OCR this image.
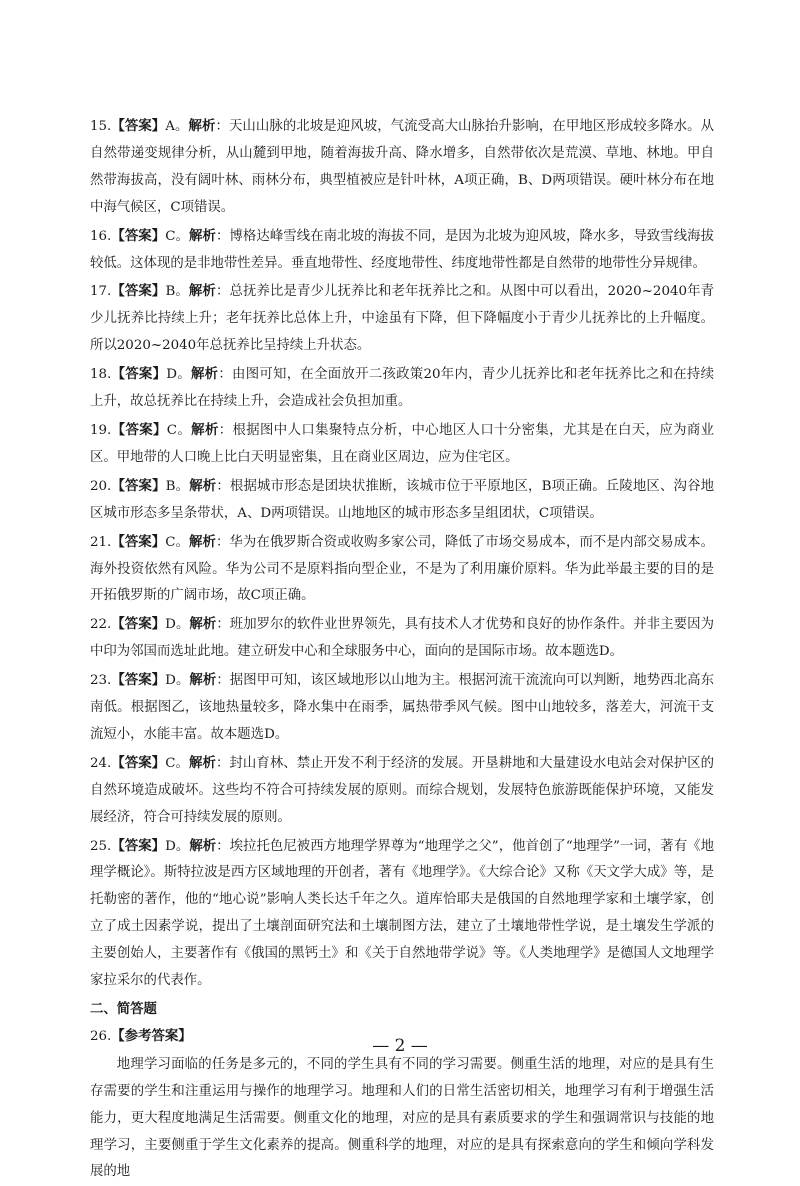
15.【答案】A。解析：天山山脉的北坡是迎风坡，气流受高大山脉抬升影响，在甲地区形成较多降水。从自然带递变规律分析，从山麓到甲地，随着海拔升高、降水增多，自然带依次是荒漠、草地、林地。甲自然带海拔高，没有阔叶林、雨林分布，典型植被应是针叶林，A项正确，B、D两项错误。硬叶林分布在地中海气候区，C项错误。

16.【答案】C。解析：博格达峰雪线在南北坡的海拔不同，是因为北坡为迎风坡，降水多，导致雪线海拔较低。这体现的是非地带性差异。垂直地带性、经度地带性、纬度地带性都是自然带的地带性分异规律。

17.【答案】B。解析：总抚养比是青少儿抚养比和老年抚养比之和。从图中可以看出，2020~2040年青少儿抚养比持续上升；老年抚养比总体上升，中途虽有下降，但下降幅度小于青少儿抚养比的上升幅度。所以2020~2040年总抚养比呈持续上升状态。

18.【答案】D。解析：由图可知，在全面放开二孩政策20年内，青少儿抚养比和老年抚养比之和在持续上升，故总抚养比在持续上升，会造成社会负担加重。

19.【答案】C。解析：根据图中人口集聚特点分析，中心地区人口十分密集，尤其是在白天，应为商业区。甲地带的人口晚上比白天明显密集，且在商业区周边，应为住宅区。

20.【答案】B。解析：根据城市形态是团块状推断，该城市位于平原地区，B项正确。丘陵地区、沟谷地区城市形态多呈条带状，A、D两项错误。山地地区的城市形态多呈组团状，C项错误。

21.【答案】C。解析：华为在俄罗斯合资或收购多家公司，降低了市场交易成本，而不是内部交易成本。海外投资依然有风险。华为公司不是原料指向型企业，不是为了利用廉价原料。华为此举最主要的目的是开拓俄罗斯的广阔市场，故C项正确。

22.【答案】D。解析：班加罗尔的软件业世界领先，具有技术人才优势和良好的协作条件。并非主要因为中印为邻国而选址此地。建立研发中心和全球服务中心，面向的是国际市场。故本题选D。

23.【答案】D。解析：据图甲可知，该区域地形以山地为主。根据河流干流流向可以判断，地势西北高东南低。根据图乙，该地热量较多，降水集中在雨季，属热带季风气候。图中山地较多，落差大，河流干支流短小，水能丰富。故本题选D。

24.【答案】C。解析：封山育林、禁止开发不利于经济的发展。开垦耕地和大量建设水电站会对保护区的自然环境造成破坏。这些均不符合可持续发展的原则。而综合规划，发展特色旅游既能保护环境，又能发展经济，符合可持续发展的原则。

25.【答案】D。解析：埃拉托色尼被西方地理学界尊为“地理学之父”，他首创了“地理学”一词，著有《地理学概论》。斯特拉波是西方区域地理的开创者，著有《地理学》。《大综合论》又称《天文学大成》等，是托勒密的著作，他的“地心说”影响人类长达千年之久。道库恰耶夫是俄国的自然地理学家和土壤学家，创立了成土因素学说，提出了土壤剖面研究法和土壤制图方法，建立了土壤地带性学说，是土壤发生学派的主要创始人，主要著作有《俄国的黑钙土》和《关于自然地带学说》等。《人类地理学》是德国人文地理学家拉采尔的代表作。

二、简答题

26.【参考答案】

地理学习面临的任务是多元的，不同的学生具有不同的学习需要。侧重生活的地理，对应的是具有生存需要的学生和注重运用与操作的地理学习。地理和人们的日常生活密切相关，地理学习有利于增强生活能力，更大程度地满足生活需要。侧重文化的地理，对应的是具有素质要求的学生和强调常识与技能的地理学习，主要侧重于学生文化素养的提高。侧重科学的地理，对应的是具有探索意向的学生和倾向学科发展的地

— 2 —
